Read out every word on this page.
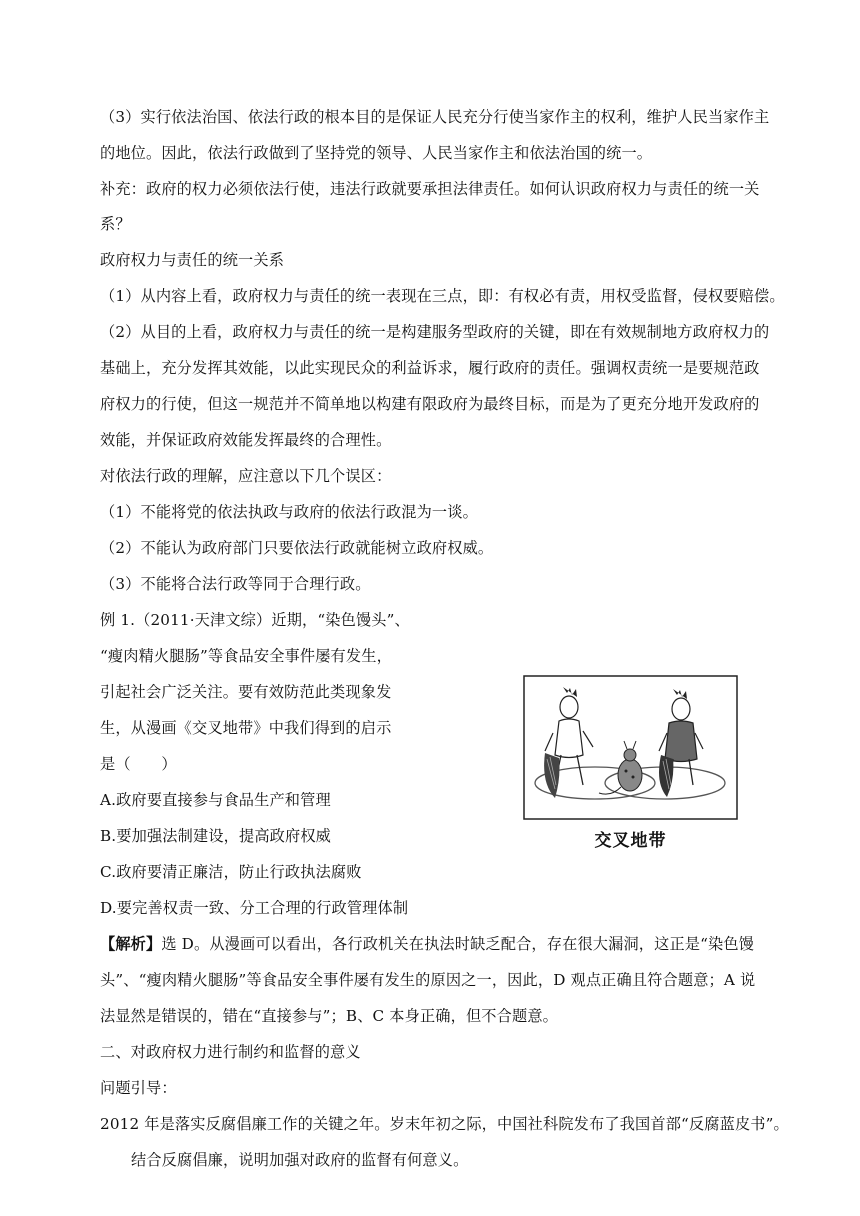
（3）实行依法治国、依法行政的根本目的是保证人民充分行使当家作主的权利，维护人民当家作主
的地位。因此，依法行政做到了坚持党的领导、人民当家作主和依法治国的统一。
补充：政府的权力必须依法行使，违法行政就要承担法律责任。如何认识政府权力与责任的统一关
系？
政府权力与责任的统一关系
（1）从内容上看，政府权力与责任的统一表现在三点，即：有权必有责，用权受监督，侵权要赔偿。
（2）从目的上看，政府权力与责任的统一是构建服务型政府的关键，即在有效规制地方政府权力的
基础上，充分发挥其效能，以此实现民众的利益诉求，履行政府的责任。强调权责统一是要规范政
府权力的行使，但这一规范并不简单地以构建有限政府为最终目标，而是为了更充分地开发政府的
效能，并保证政府效能发挥最终的合理性。
对依法行政的理解，应注意以下几个误区：
（1）不能将党的依法执政与政府的依法行政混为一谈。
（2）不能认为政府部门只要依法行政就能树立政府权威。
（3）不能将合法行政等同于合理行政。
例 1.（2011·天津文综）近期，“染色馒头”、
“瘦肉精火腿肠”等食品安全事件屡有发生，
引起社会广泛关注。要有效防范此类现象发
生，从漫画《交叉地带》中我们得到的启示
是（　　）
A.政府要直接参与食品生产和管理
B.要加强法制建设，提高政府权威
C.政府要清正廉洁，防止行政执法腐败
D.要完善权责一致、分工合理的行政管理体制
交叉地带
【解析】选 D。从漫画可以看出，各行政机关在执法时缺乏配合，存在很大漏洞，这正是“染色馒
头”、“瘦肉精火腿肠”等食品安全事件屡有发生的原因之一，因此，D 观点正确且符合题意；A 说
法显然是错误的，错在“直接参与”；B、C 本身正确，但不合题意。
二、对政府权力进行制约和监督的意义
问题引导：
2012 年是落实反腐倡廉工作的关键之年。岁末年初之际，中国社科院发布了我国首部“反腐蓝皮书”。
结合反腐倡廉，说明加强对政府的监督有何意义。
